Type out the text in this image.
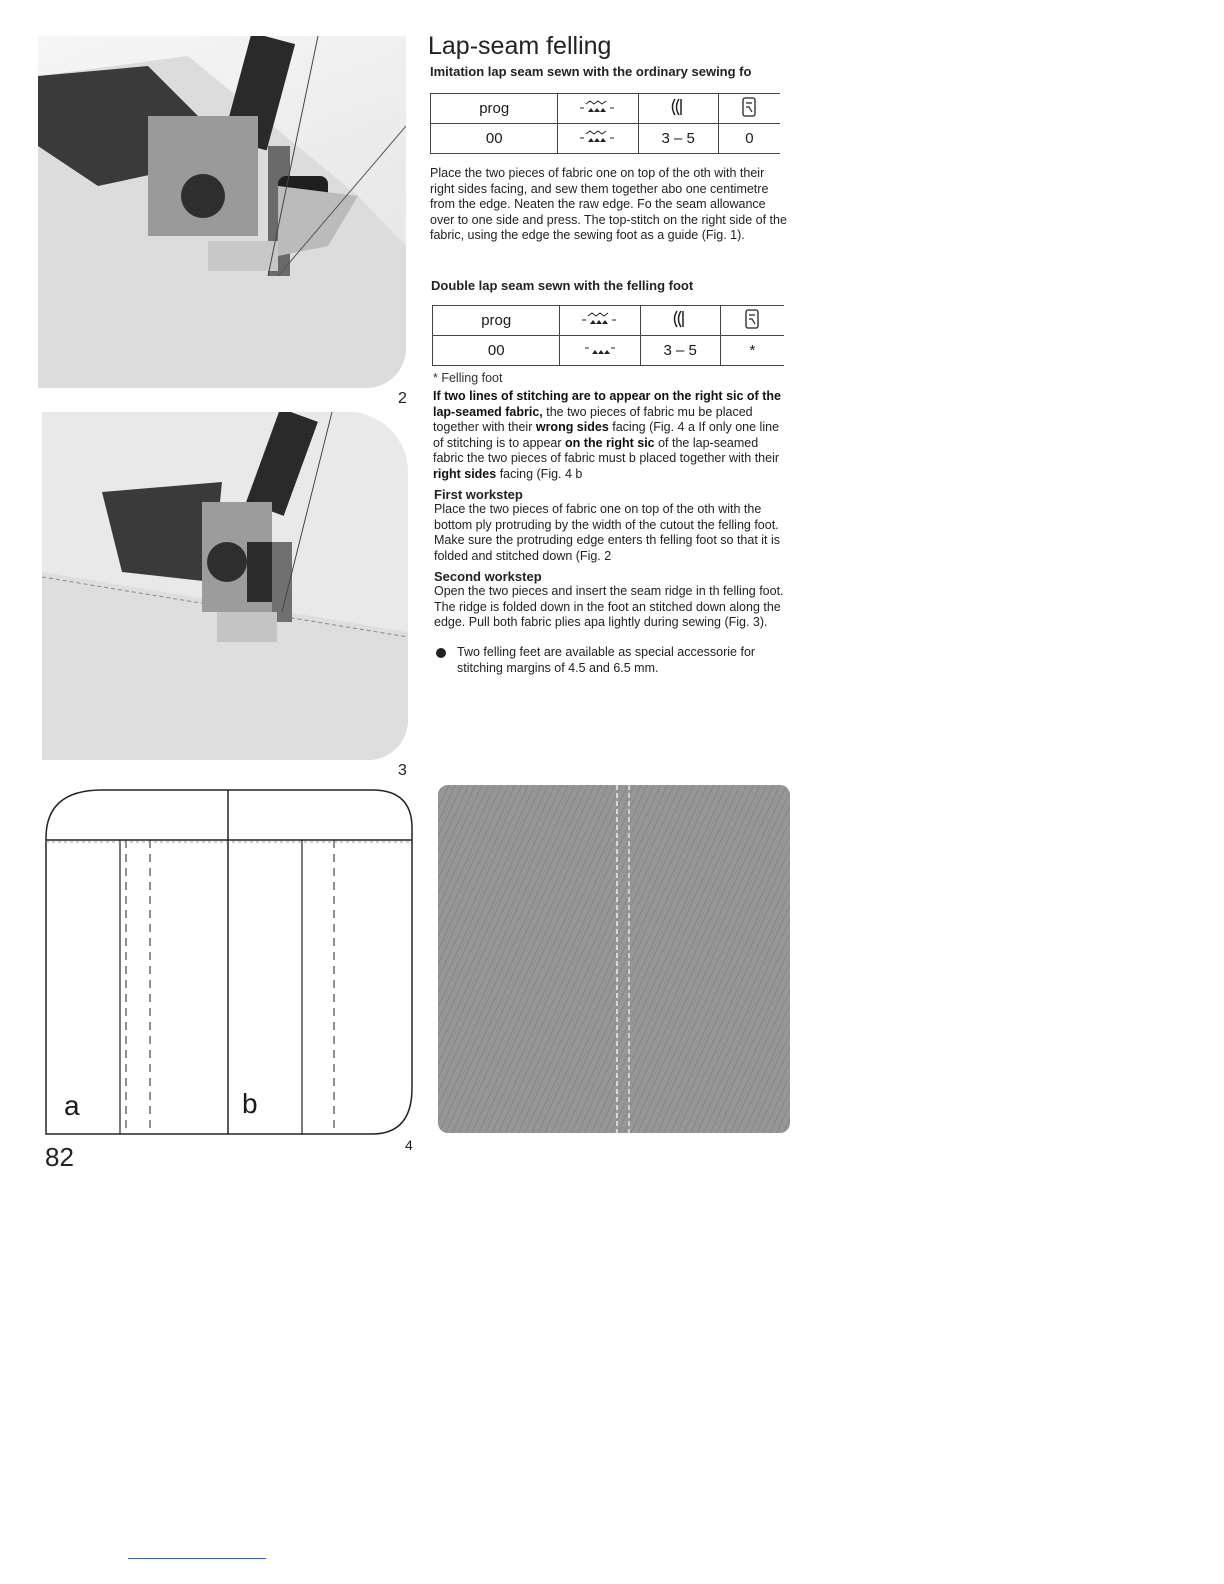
2
3
a	b
4
Lap-seam felling
Imitation lap seam sewn with the ordinary sewing fo
prog			
00		3 – 5	0
Place the two pieces of fabric one on top of the oth with their right sides facing, and sew them together abo one centimetre from the edge. Neaten the raw edge. Fo the seam allowance over to one side and press. The top-stitch on the right side of the fabric, using the edge the sewing foot as a guide (Fig. 1).
Double lap seam sewn with the felling foot
prog			
00		3 – 5	*
* Felling foot
If two lines of stitching are to appear on the right sic of the lap-seamed fabric, the two pieces of fabric mu be placed together with their wrong sides facing (Fig. 4 a If only one line of stitching is to appear on the right sic of the lap-seamed fabric the two pieces of fabric must b placed together with their right sides facing (Fig. 4 b
First workstep
Place the two pieces of fabric one on top of the oth with the bottom ply protruding by the width of the cutout the felling foot. Make sure the protruding edge enters th felling foot so that it is folded and stitched down (Fig. 2
Second workstep
Open the two pieces and insert the seam ridge in th felling foot. The ridge is folded down in the foot an stitched down along the edge. Pull both fabric plies apa lightly during sewing (Fig. 3).
Two felling feet are available as special accessorie for stitching margins of 4.5 and 6.5 mm.
82
